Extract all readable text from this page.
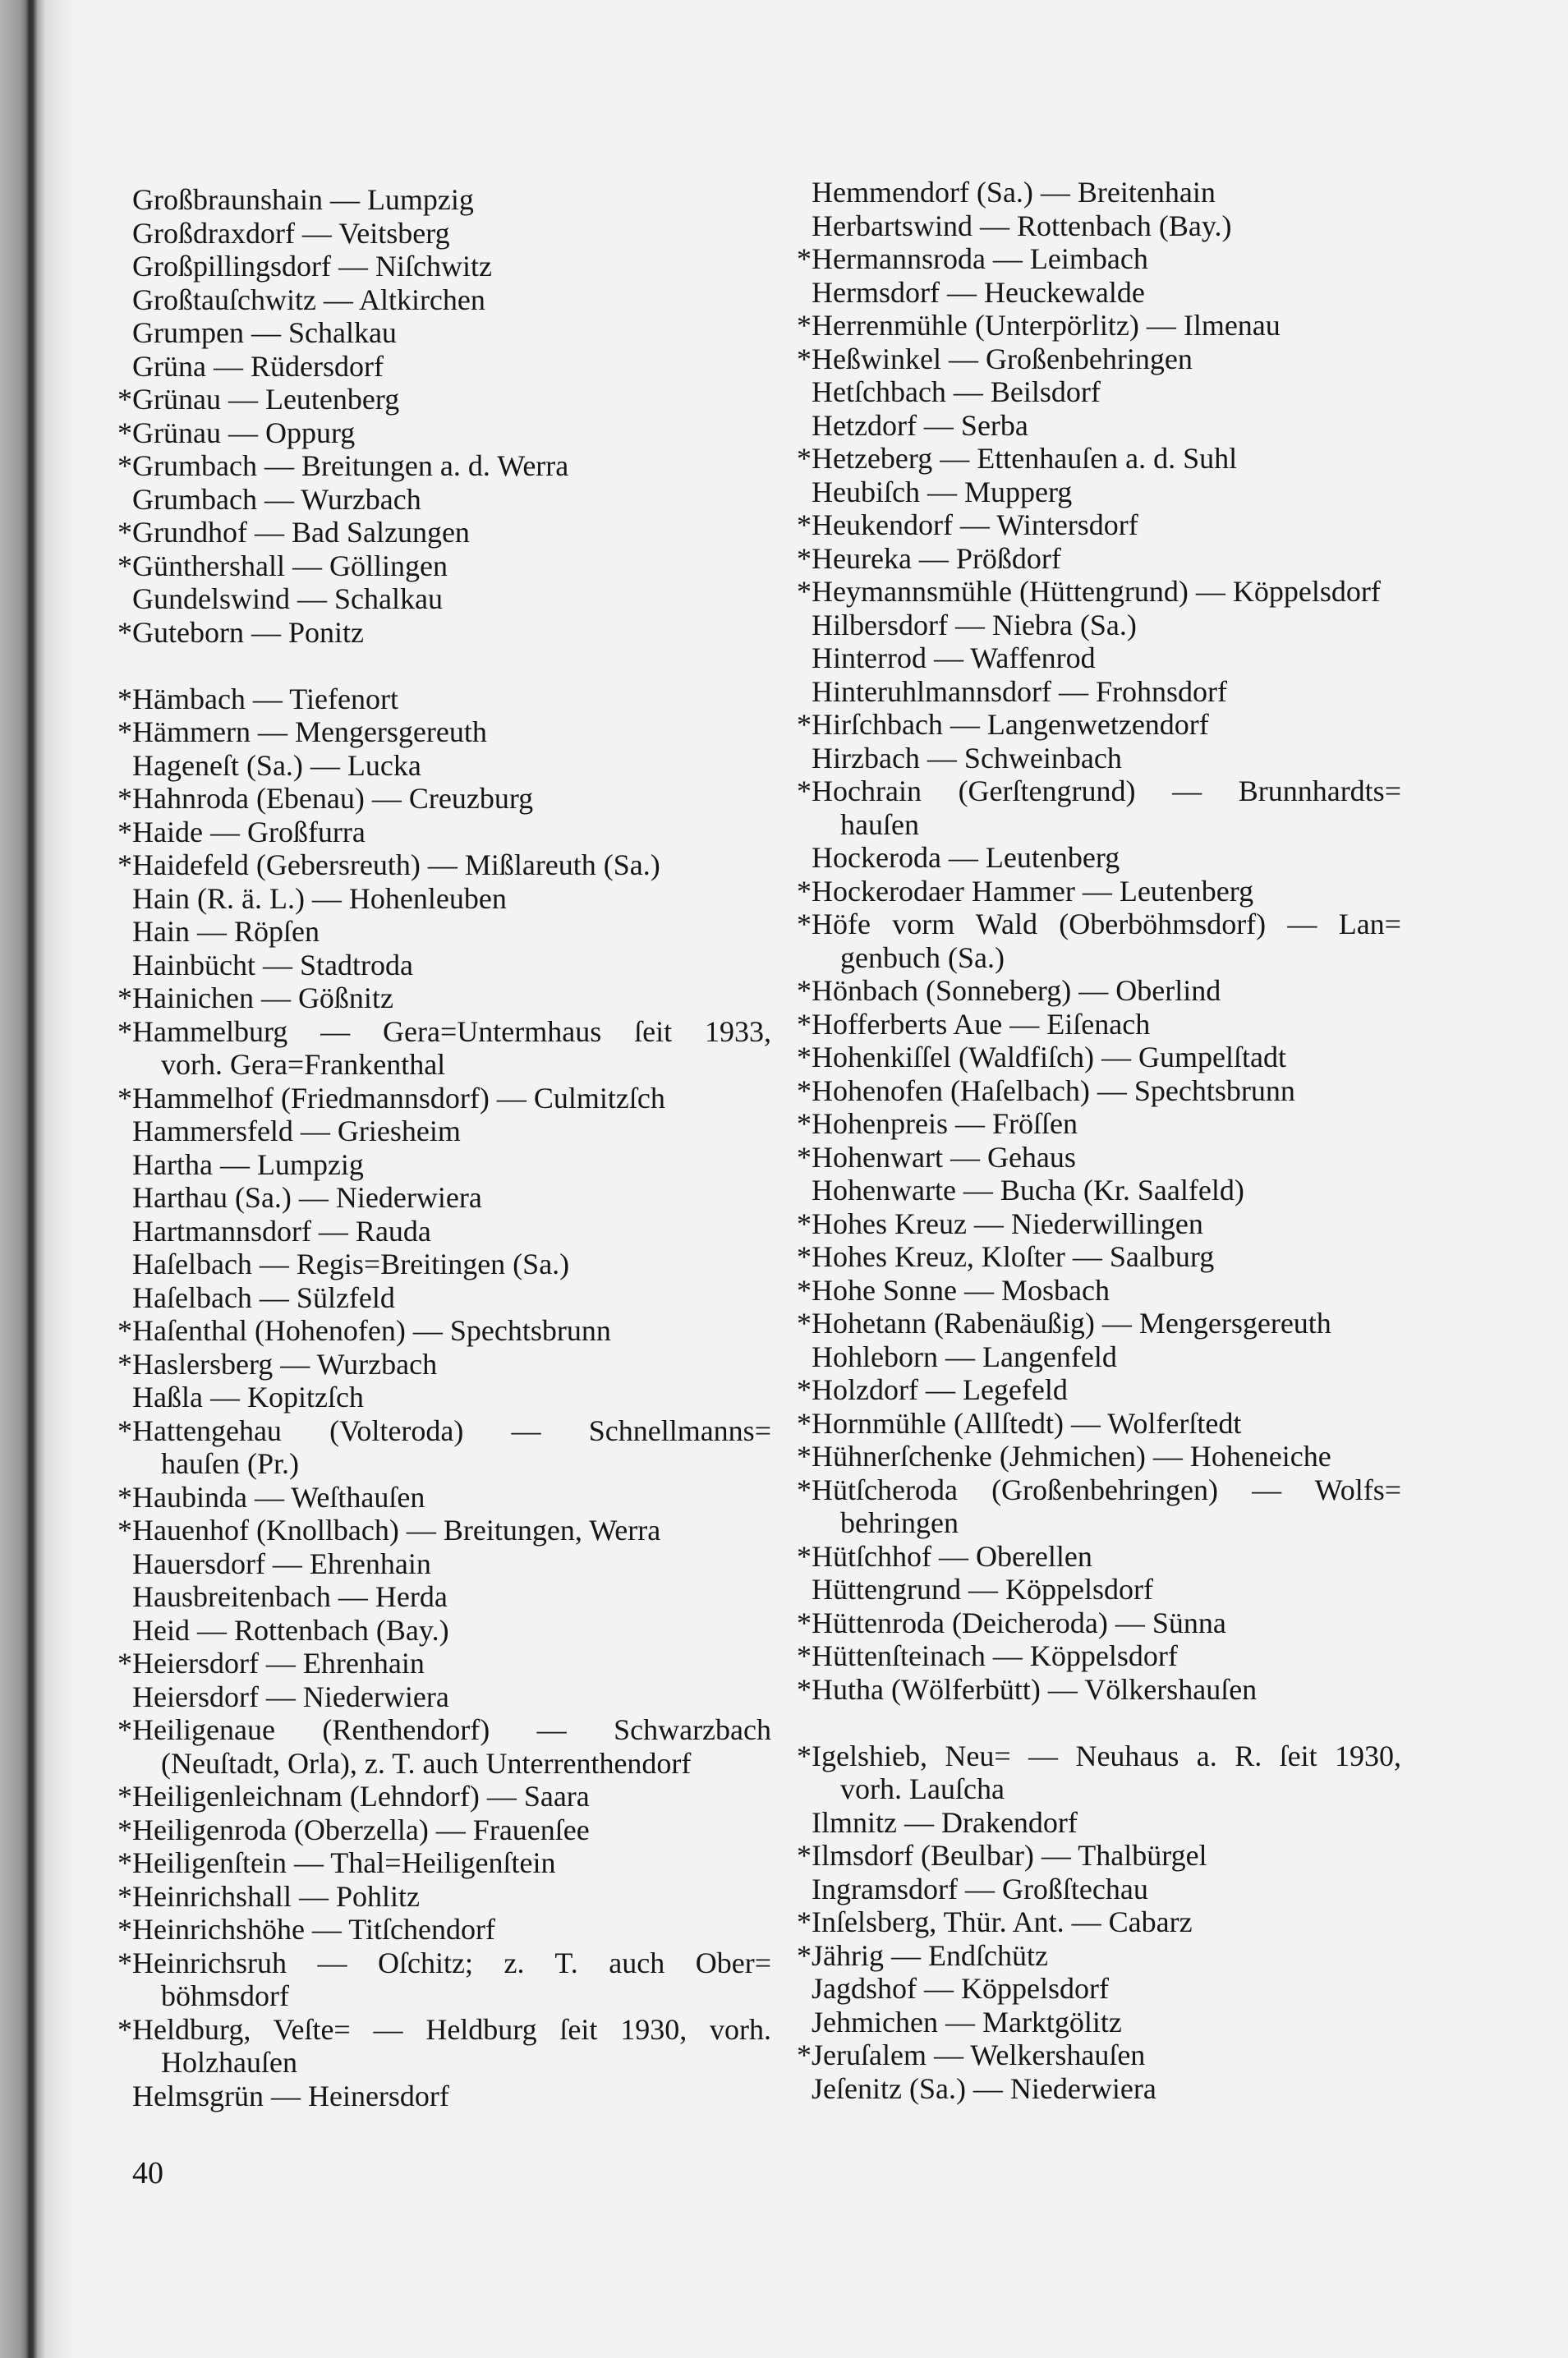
Großbraunshain — Lumpzig
Großdraxdorf — Veitsberg
Großpillingsdorf — Niſchwitz
Großtauſchwitz — Altkirchen
Grumpen — Schalkau
Grüna — Rüdersdorf
*Grünau — Leutenberg
*Grünau — Oppurg
*Grumbach — Breitungen a. d. Werra
Grumbach — Wurzbach
*Grundhof — Bad Salzungen
*Günthershall — Göllingen
Gundelswind — Schalkau
*Guteborn — Ponitz
*Hämbach — Tiefenort
*Hämmern — Mengersgereuth
Hageneſt (Sa.) — Lucka
*Hahnroda (Ebenau) — Creuzburg
*Haide — Großfurra
*Haidefeld (Gebersreuth) — Mißlareuth (Sa.)
Hain (R. ä. L.) — Hohenleuben
Hain — Röpſen
Hainbücht — Stadtroda
*Hainichen — Gößnitz
*Hammelburg — Gera=Untermhaus ſeit 1933,
vorh. Gera=Frankenthal
*Hammelhof (Friedmannsdorf) — Culmitzſch
Hammersfeld — Griesheim
Hartha — Lumpzig
Harthau (Sa.) — Niederwiera
Hartmannsdorf — Rauda
Haſelbach — Regis=Breitingen (Sa.)
Haſelbach — Sülzfeld
*Haſenthal (Hohenofen) — Spechtsbrunn
*Haslersberg — Wurzbach
Haßla — Kopitzſch
*Hattengehau (Volteroda) — Schnellmanns=
hauſen (Pr.)
*Haubinda — Weſthauſen
*Hauenhof (Knollbach) — Breitungen, Werra
Hauersdorf — Ehrenhain
Hausbreitenbach — Herda
Heid — Rottenbach (Bay.)
*Heiersdorf — Ehrenhain
Heiersdorf — Niederwiera
*Heiligenaue (Renthendorf) — Schwarzbach
(Neuſtadt, Orla), z. T. auch Unterrenthendorf
*Heiligenleichnam (Lehndorf) — Saara
*Heiligenroda (Oberzella) — Frauenſee
*Heiligenſtein — Thal=Heiligenſtein
*Heinrichshall — Pohlitz
*Heinrichshöhe — Titſchendorf
*Heinrichsruh — Oſchitz; z. T. auch Ober=
böhmsdorf
*Heldburg, Veſte= — Heldburg ſeit 1930, vorh.
Holzhauſen
Helmsgrün — Heinersdorf
Hemmendorf (Sa.) — Breitenhain
Herbartswind — Rottenbach (Bay.)
*Hermannsroda — Leimbach
Hermsdorf — Heuckewalde
*Herrenmühle (Unterpörlitz) — Ilmenau
*Heßwinkel — Großenbehringen
Hetſchbach — Beilsdorf
Hetzdorf — Serba
*Hetzeberg — Ettenhauſen a. d. Suhl
Heubiſch — Mupperg
*Heukendorf — Wintersdorf
*Heureka — Prößdorf
*Heymannsmühle (Hüttengrund) — Köppelsdorf
Hilbersdorf — Niebra (Sa.)
Hinterrod — Waffenrod
Hinteruhlmannsdorf — Frohnsdorf
*Hirſchbach — Langenwetzendorf
Hirzbach — Schweinbach
*Hochrain (Gerſtengrund) — Brunnhardts=
hauſen
Hockeroda — Leutenberg
*Hockerodaer Hammer — Leutenberg
*Höfe vorm Wald (Oberböhmsdorf) — Lan=
genbuch (Sa.)
*Hönbach (Sonneberg) — Oberlind
*Hofferberts Aue — Eiſenach
*Hohenkiſſel (Waldfiſch) — Gumpelſtadt
*Hohenofen (Haſelbach) — Spechtsbrunn
*Hohenpreis — Fröſſen
*Hohenwart — Gehaus
Hohenwarte — Bucha (Kr. Saalfeld)
*Hohes Kreuz — Niederwillingen
*Hohes Kreuz, Kloſter — Saalburg
*Hohe Sonne — Mosbach
*Hohetann (Rabenäußig) — Mengersgereuth
Hohleborn — Langenfeld
*Holzdorf — Legefeld
*Hornmühle (Allſtedt) — Wolferſtedt
*Hühnerſchenke (Jehmichen) — Hoheneiche
*Hütſcheroda (Großenbehringen) — Wolfs=
behringen
*Hütſchhof — Oberellen
Hüttengrund — Köppelsdorf
*Hüttenroda (Deicheroda) — Sünna
*Hüttenſteinach — Köppelsdorf
*Hutha (Wölferbütt) — Völkershauſen
*Igelshieb, Neu= — Neuhaus a. R. ſeit 1930,
vorh. Lauſcha
Ilmnitz — Drakendorf
*Ilmsdorf (Beulbar) — Thalbürgel
Ingramsdorf — Großſtechau
*Inſelsberg, Thür. Ant. — Cabarz
*Jährig — Endſchütz
Jagdshof — Köppelsdorf
Jehmichen — Marktgölitz
*Jeruſalem — Welkershauſen
Jeſenitz (Sa.) — Niederwiera
40
